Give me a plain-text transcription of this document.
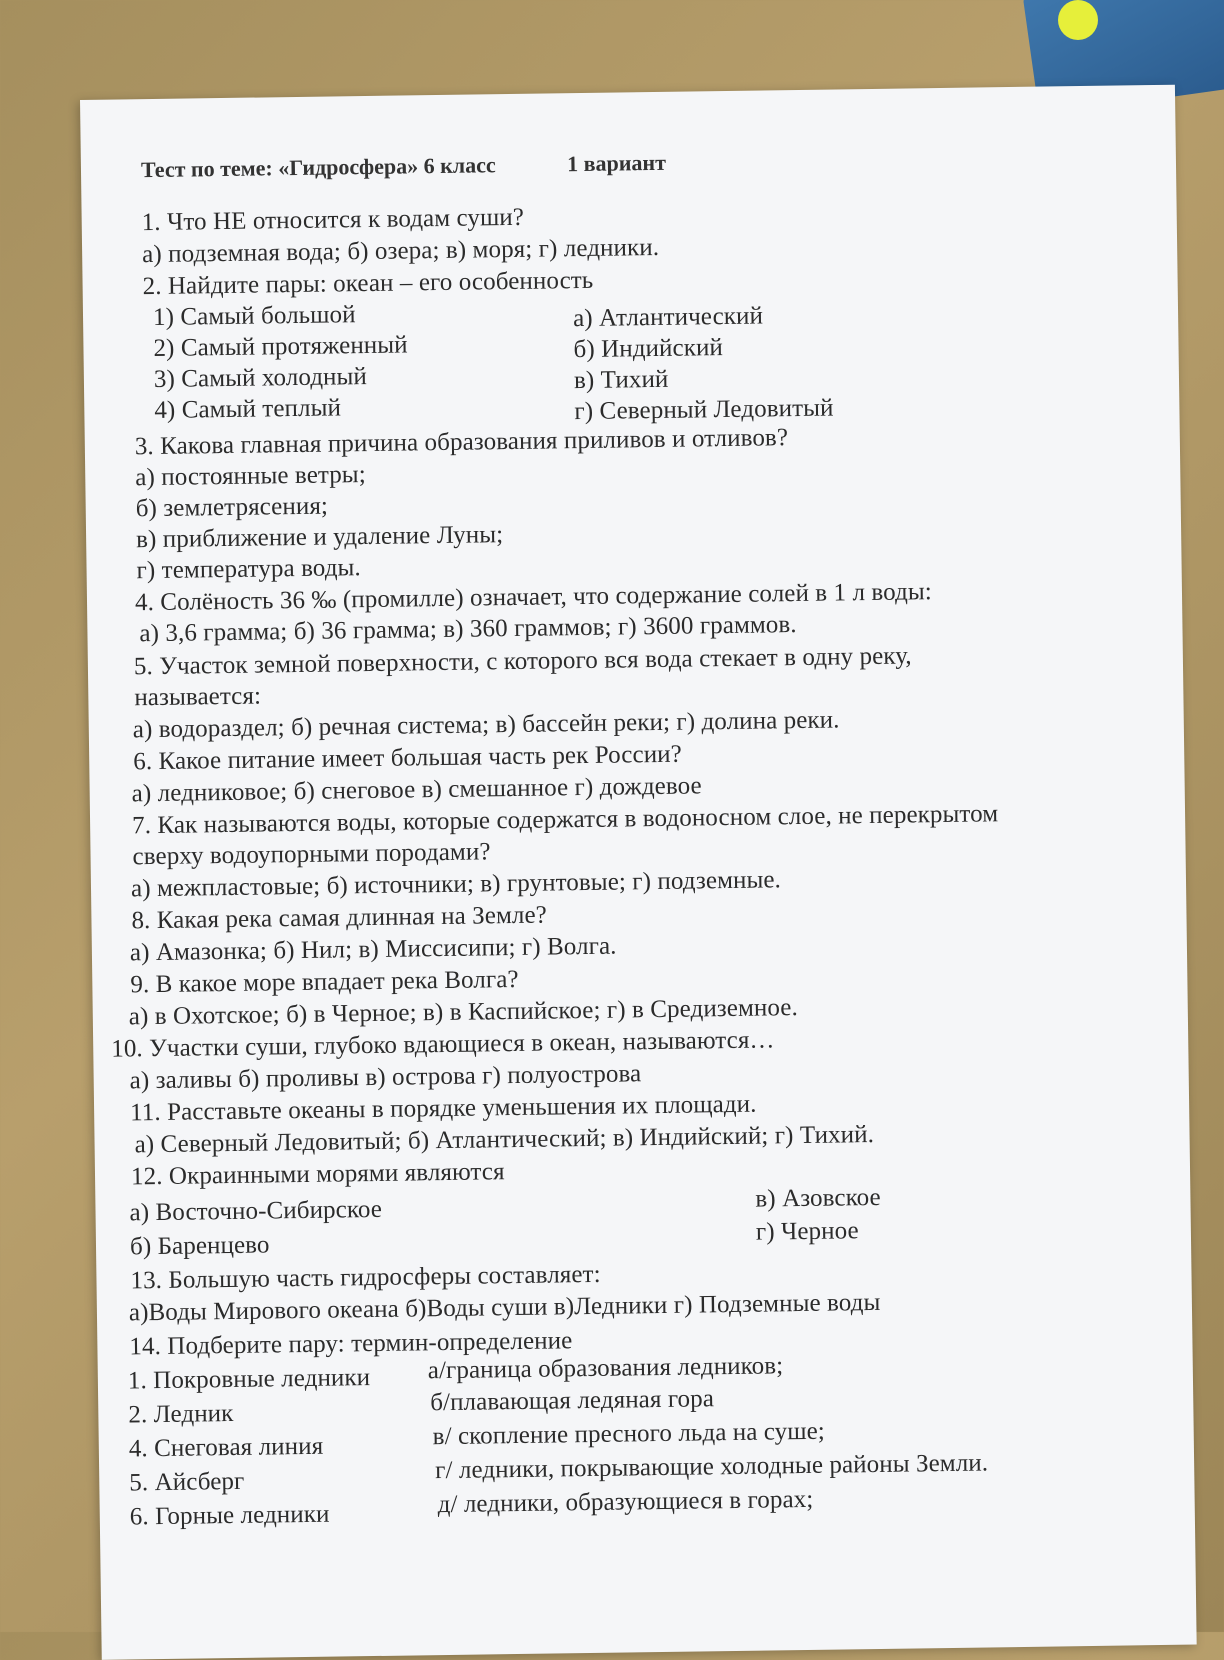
Тест по теме: «Гидросфера» 6 класс	1 вариант
1. Что НЕ относится к водам суши?
а) подземная вода; б) озера; в) моря; г) ледники.
2. Найдите пары: океан – его особенность
1) Самый большой	а) Атлантический
2) Самый протяженный	б) Индийский
3) Самый холодный	в) Тихий
4) Самый теплый	г) Северный Ледовитый
3. Какова главная причина образования приливов и отливов?
а) постоянные ветры;
б) землетрясения;
в) приближение и удаление Луны;
г) температура воды.
4. Солёность 36 ‰ (промилле) означает, что содержание солей в 1 л воды:
а) 3,6 грамма; б) 36 грамма; в) 360 граммов; г) 3600 граммов.
5. Участок земной поверхности, с которого вся вода стекает в одну реку,
называется:
а) водораздел; б) речная система; в) бассейн реки; г) долина реки.
6. Какое питание имеет большая часть рек России?
а) ледниковое; б) снеговое в) смешанное г) дождевое
7. Как называются воды, которые содержатся в водоносном слое, не перекрытом
сверху водоупорными породами?
а) межпластовые; б) источники; в) грунтовые; г) подземные.
8. Какая река самая длинная на Земле?
а) Амазонка; б) Нил; в) Миссисипи; г) Волга.
9. В какое море впадает река Волга?
а) в Охотское; б) в Черное; в) в Каспийское; г) в Средиземное.
10. Участки суши, глубоко вдающиеся в океан, называются…
а) заливы б) проливы в) острова г) полуострова
11. Расставьте океаны в порядке уменьшения их площади.
а) Северный Ледовитый; б) Атлантический; в) Индийский; г) Тихий.
12. Окраинными морями являются
в) Азовское
а) Восточно-Сибирское
г) Черное
б) Баренцево
13. Большую часть гидросферы составляет:
а)Воды Мирового океана б)Воды суши в)Ледники г) Подземные воды
14. Подберите пару: термин-определение
1. Покровные ледники а/граница образования ледников;
2. Ледник	б/плавающая ледяная гора
4. Снеговая линия	в/ скопление пресного льда на суше;
5. Айсберг	г/ ледники, покрывающие холодные районы Земли.
6. Горные ледники	д/ ледники, образующиеся в горах;
